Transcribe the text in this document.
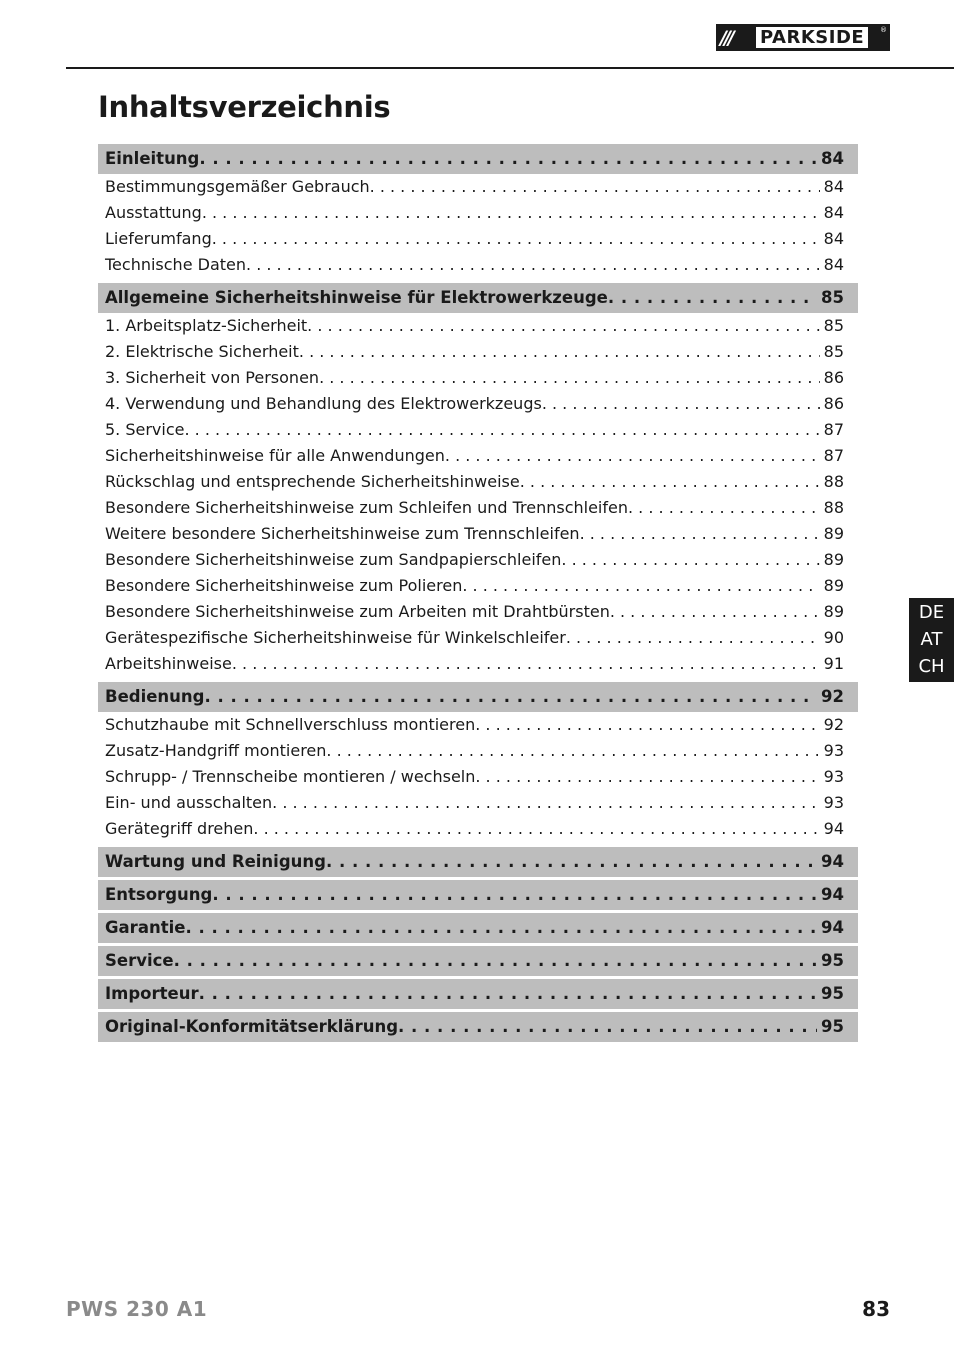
///	PARKSIDE	®
Inhaltsverzeichnis
Einleitung . . .	84
Bestimmungsgemäßer Gebrauch . . .	84
Ausstattung . . .	84
Lieferumfang . . .	84
Technische Daten . . .	84
Allgemeine Sicherheitshinweise für Elektrowerkzeuge . . .	85
1. Arbeitsplatz-Sicherheit . . .	85
2. Elektrische Sicherheit . . .	85
3. Sicherheit von Personen . . .	86
4. Verwendung und Behandlung des Elektrowerkzeugs . . .	86
5. Service . . .	87
Sicherheitshinweise für alle Anwendungen . . .	87
Rückschlag und entsprechende Sicherheitshinweise . . .	88
Besondere Sicherheitshinweise zum Schleifen und Trennschleifen . . .	88
Weitere besondere Sicherheitshinweise zum Trennschleifen . . .	89
Besondere Sicherheitshinweise zum Sandpapierschleifen . . .	89
Besondere Sicherheitshinweise zum Polieren . . .	89
Besondere Sicherheitshinweise zum Arbeiten mit Drahtbürsten . . .	89
Gerätespezifische Sicherheitshinweise für Winkelschleifer . . .	90
Arbeitshinweise . . .	91
Bedienung . . .	92
Schutzhaube mit Schnellverschluss montieren . . .	92
Zusatz-Handgriff montieren . . .	93
Schrupp- / Trennscheibe montieren / wechseln . . .	93
Ein- und ausschalten . . .	93
Gerätegriff drehen . . .	94
Wartung und Reinigung . . .	94
Entsorgung . . .	94
Garantie . . .	94
Service . . .	95
Importeur . . .	95
Original-Konformitätserklärung . . .	95
DE
AT
CH
PWS 230 A1	83
